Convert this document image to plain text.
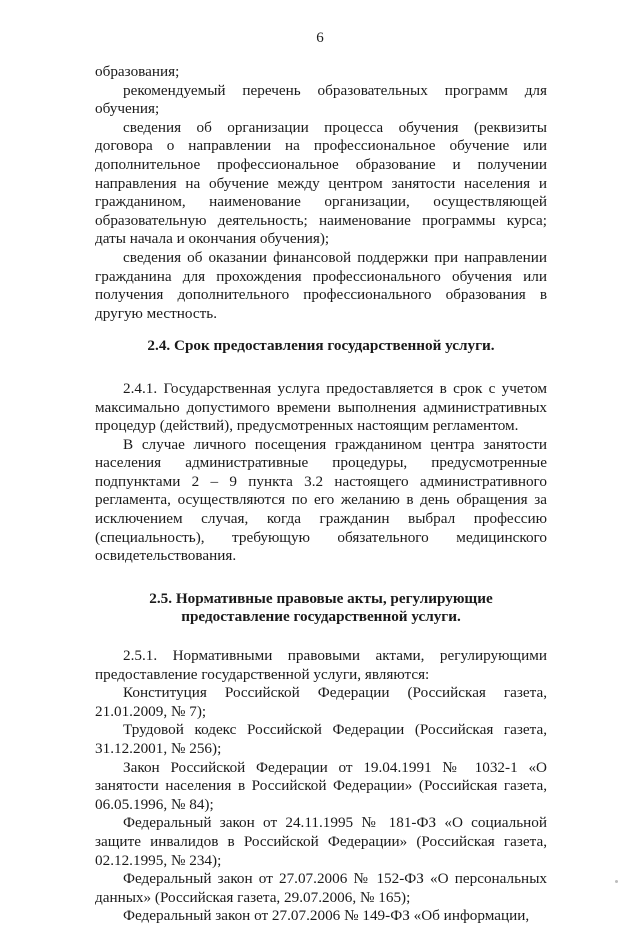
6

образования;

рекомендуемый перечень образовательных программ для обучения;

сведения об организации процесса обучения (реквизиты договора о направлении на профессиональное обучение или дополнительное профессиональное образование и получении направления на обучение между центром занятости населения и гражданином, наименование организации, осуществляющей образовательную деятельность; наименование программы курса; даты начала и окончания обучения);

сведения об оказании финансовой поддержки при направлении гражданина для прохождения профессионального обучения или получения дополнительного профессионального образования в другую местность.

2.4. Срок предоставления государственной услуги.

2.4.1. Государственная услуга предоставляется в срок с учетом максимально допустимого времени выполнения административных процедур (действий), предусмотренных настоящим регламентом.

В случае личного посещения гражданином центра занятости населения административные процедуры, предусмотренные подпунктами 2 – 9 пункта 3.2 настоящего административного регламента, осуществляются по его желанию в день обращения за исключением случая, когда гражданин выбрал профессию (специальность), требующую обязательного медицинского освидетельствования.

2.5. Нормативные правовые акты, регулирующие предоставление государственной услуги.

2.5.1. Нормативными правовыми актами, регулирующими предоставление государственной услуги, являются:

Конституция Российской Федерации (Российская газета, 21.01.2009, № 7);

Трудовой кодекс Российской Федерации (Российская газета, 31.12.2001, № 256);

Закон Российской Федерации от 19.04.1991 № 1032-1 «О занятости населения в Российской Федерации» (Российская газета, 06.05.1996, № 84);

Федеральный закон от 24.11.1995 № 181-ФЗ «О социальной защите инвалидов в Российской Федерации» (Российская газета, 02.12.1995, № 234);

Федеральный закон от 27.07.2006 № 152-ФЗ «О персональных данных» (Российская газета, 29.07.2006, № 165);

Федеральный закон от 27.07.2006 № 149-ФЗ «Об информации,
